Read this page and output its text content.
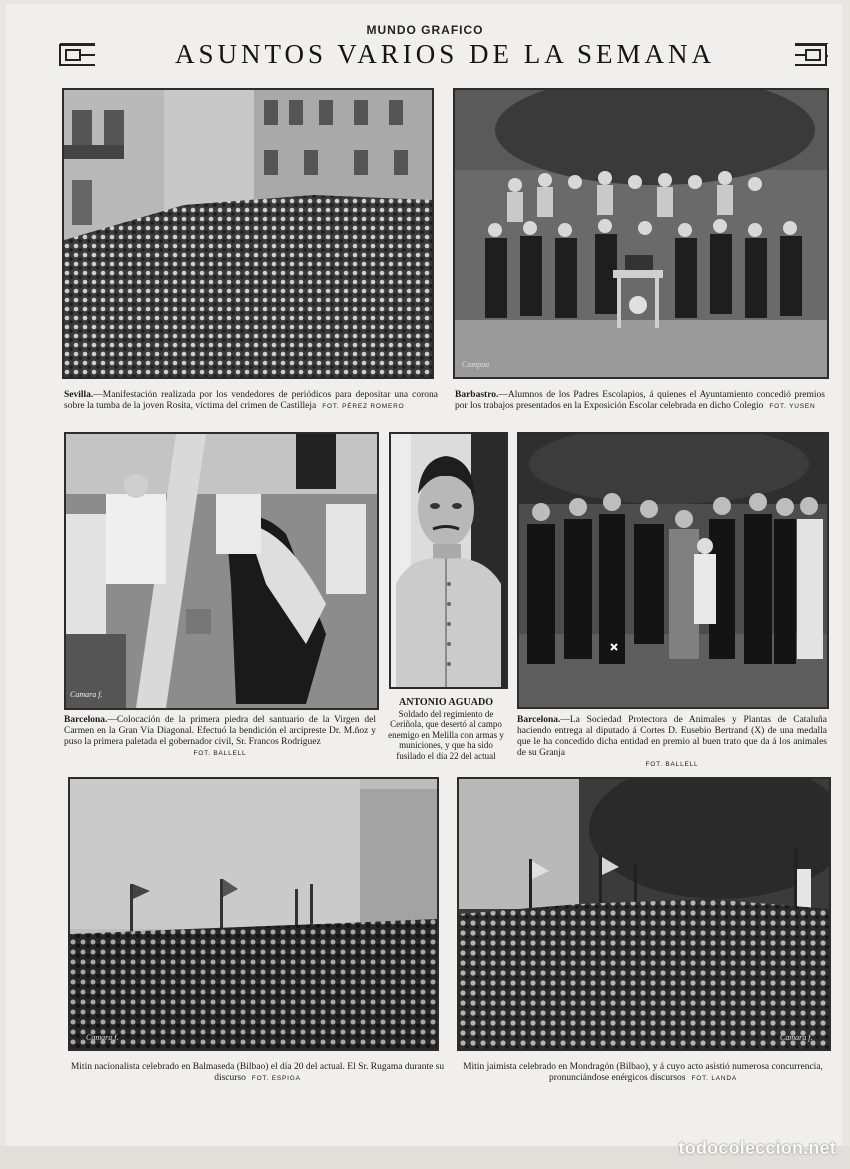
MUNDO GRAFICO
ASUNTOS VARIOS DE LA SEMANA
Sevilla.—Manifestación realizada por los vendedores de periódicos para depositar una corona sobre la tumba de la joven Rosita, víctima del crimen de Castilleja FOT. PÉREZ ROMERO
Campua
Barbastro.—Alumnos de los Padres Escolapios, á quienes el Ayuntamiento concedió premios por los trabajos presentados en la Exposición Escolar celebrada en dicho Colegio FOT. YUSEN
Camara f.
Barcelona.—Colocación de la primera piedra del santuario de la Virgen del Carmen en la Gran Vía Diagonal. Efectuó la bendición el arcipreste Dr. M.ñoz y puso la primera paletada el gobernador civil, Sr. Francos Rodríguez
FOT. BALLELL
ANTONIO AGUADO
Soldado del regimiento de Ceriñola, que desertó al campo enemigo en Melilla con armas y municiones, y que ha sido fusilado el día 22 del actual
Barcelona.—La Sociedad Protectora de Animales y Plantas de Cataluña haciendo entrega al diputado á Cortes D. Eusebio Bertrand (X) de una medalla que le ha concedido dicha entidad en premio al buen trato que da á los animales de su Granja
FOT. BALLELL
Camara f.
Mitin nacionalista celebrado en Balmaseda (Bilbao) el día 20 del actual. El Sr. Rugama durante su discurso FOT. ESPIGA
Camara f.
Mitin jaimista celebrado en Mondragón (Bilbao), y á cuyo acto asistió numerosa concurrencia, pronunciándose enérgicos discursos FOT. LANDA
todocoleccion.net
